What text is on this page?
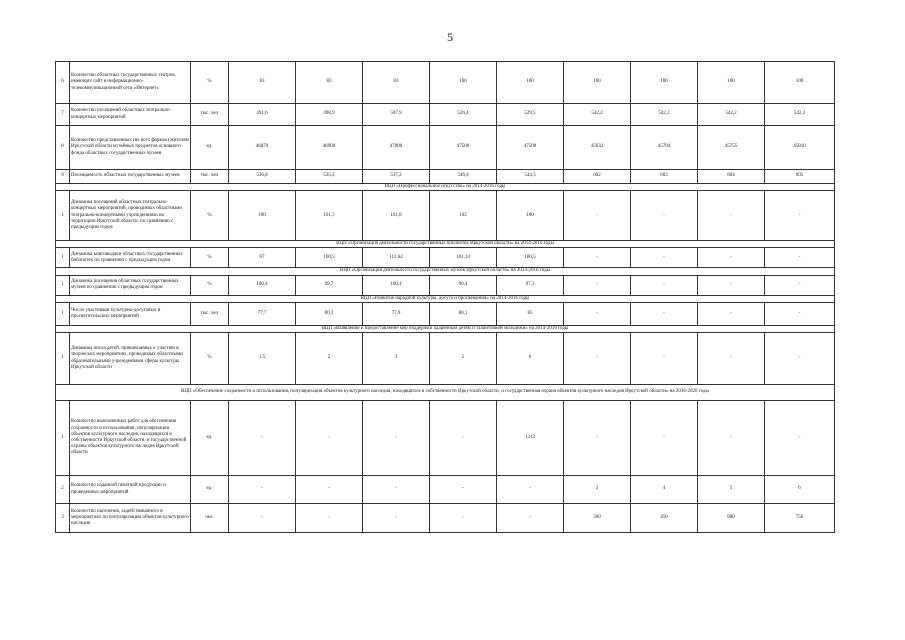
5
6	Количество областных государственных театров, имеющих сайт в информационно-телекоммуникационной сети «Интернет»	%	83	83	83	100	100	100	100	100	100
7	Количество посещений областных театрально-концертных мероприятий	тыс. чел	491,6	498,9	507,9	526,4	529,5	542,2	542,2	542,2	542,2
8	Количество представленных (во всех формах) жителям Иркутской области музейных предметов основного фонда областных государственных музеев	ед.	46879	46900	47000	47500	47500	45632	45704	45755	45810
9	Посещаемость областных государственных музеев	тыс. чел	536,8	535,2	537,2	546,4	544,5	602	603	604	605
ВЦП «Профессиональное искусство» на 2014-2016 годы											
1	Динамика посещений областных театрально-концертных мероприятий, проводимых областными театрально-концертными учреждениями на территории Иркутской области, по сравнению с предыдущим годом	%	100	101,5	101,8	102	100	-	-	-	-
ВЦП «Организация деятельности государственных библиотек Иркутской области» на 2014-2016 годы											
1	Динамика книговыдачи областных государственных библиотек по сравнению с предыдущим годом	%	67	100,5	112,62	101,14	100,5	-	-	-	-
ВЦП «Организация деятельности государственных музеев Иркутской области» на 2014-2016 годы											
1	Динамика посещения областных государственных музеев по сравнению с предыдущим годом	%	100,4	99,7	100,4	90,4	97,3	-	-	-	-
ВЦП «Развитие народной культуры, досуга и просвещения» на 2014-2016 годы											
1	Число участников культурно-досуговых и просветительских мероприятий	тыс. чел	77,7	80,3	77,9	80,1	85	-	-	-	-
ВЦП «Выявление и предоставление мер поддержки одаренным детям и талантливой молодежи» на 2014-2016 годы											
1	Динамика числа детей, привлекаемых к участию в творческих мероприятиях, проводимых областными образовательными учреждениями сферы культуры Иркутской области	%	1,5	2	3	5	6	-	-	-	-
ВЦП «Обеспечение сохранности и использования, популяризация объектов культурного наследия, находящихся в собственности Иркутской области, и государственная охрана объектов культурного наследия Иркутской области» на 2016-2020 годы											
1	Количество выполненных работ для обеспечения сохранности и использования, популяризации объектов культурного наследия, находящихся в собственности Иркутской области, и государственной охраны объектов культурного наследия Иркутской области	ед.	-	-	-	-	1213	-	-	-	-
2	Количество изданной печатной продукции и проведенных мероприятий	ед.	-	-	-	-	-	2	4	5	6
3	Количество населения, задействованного в мероприятиях по популяризации объектов культурного наследия	чел.	-	-	-	-	-	300	450	600	750
